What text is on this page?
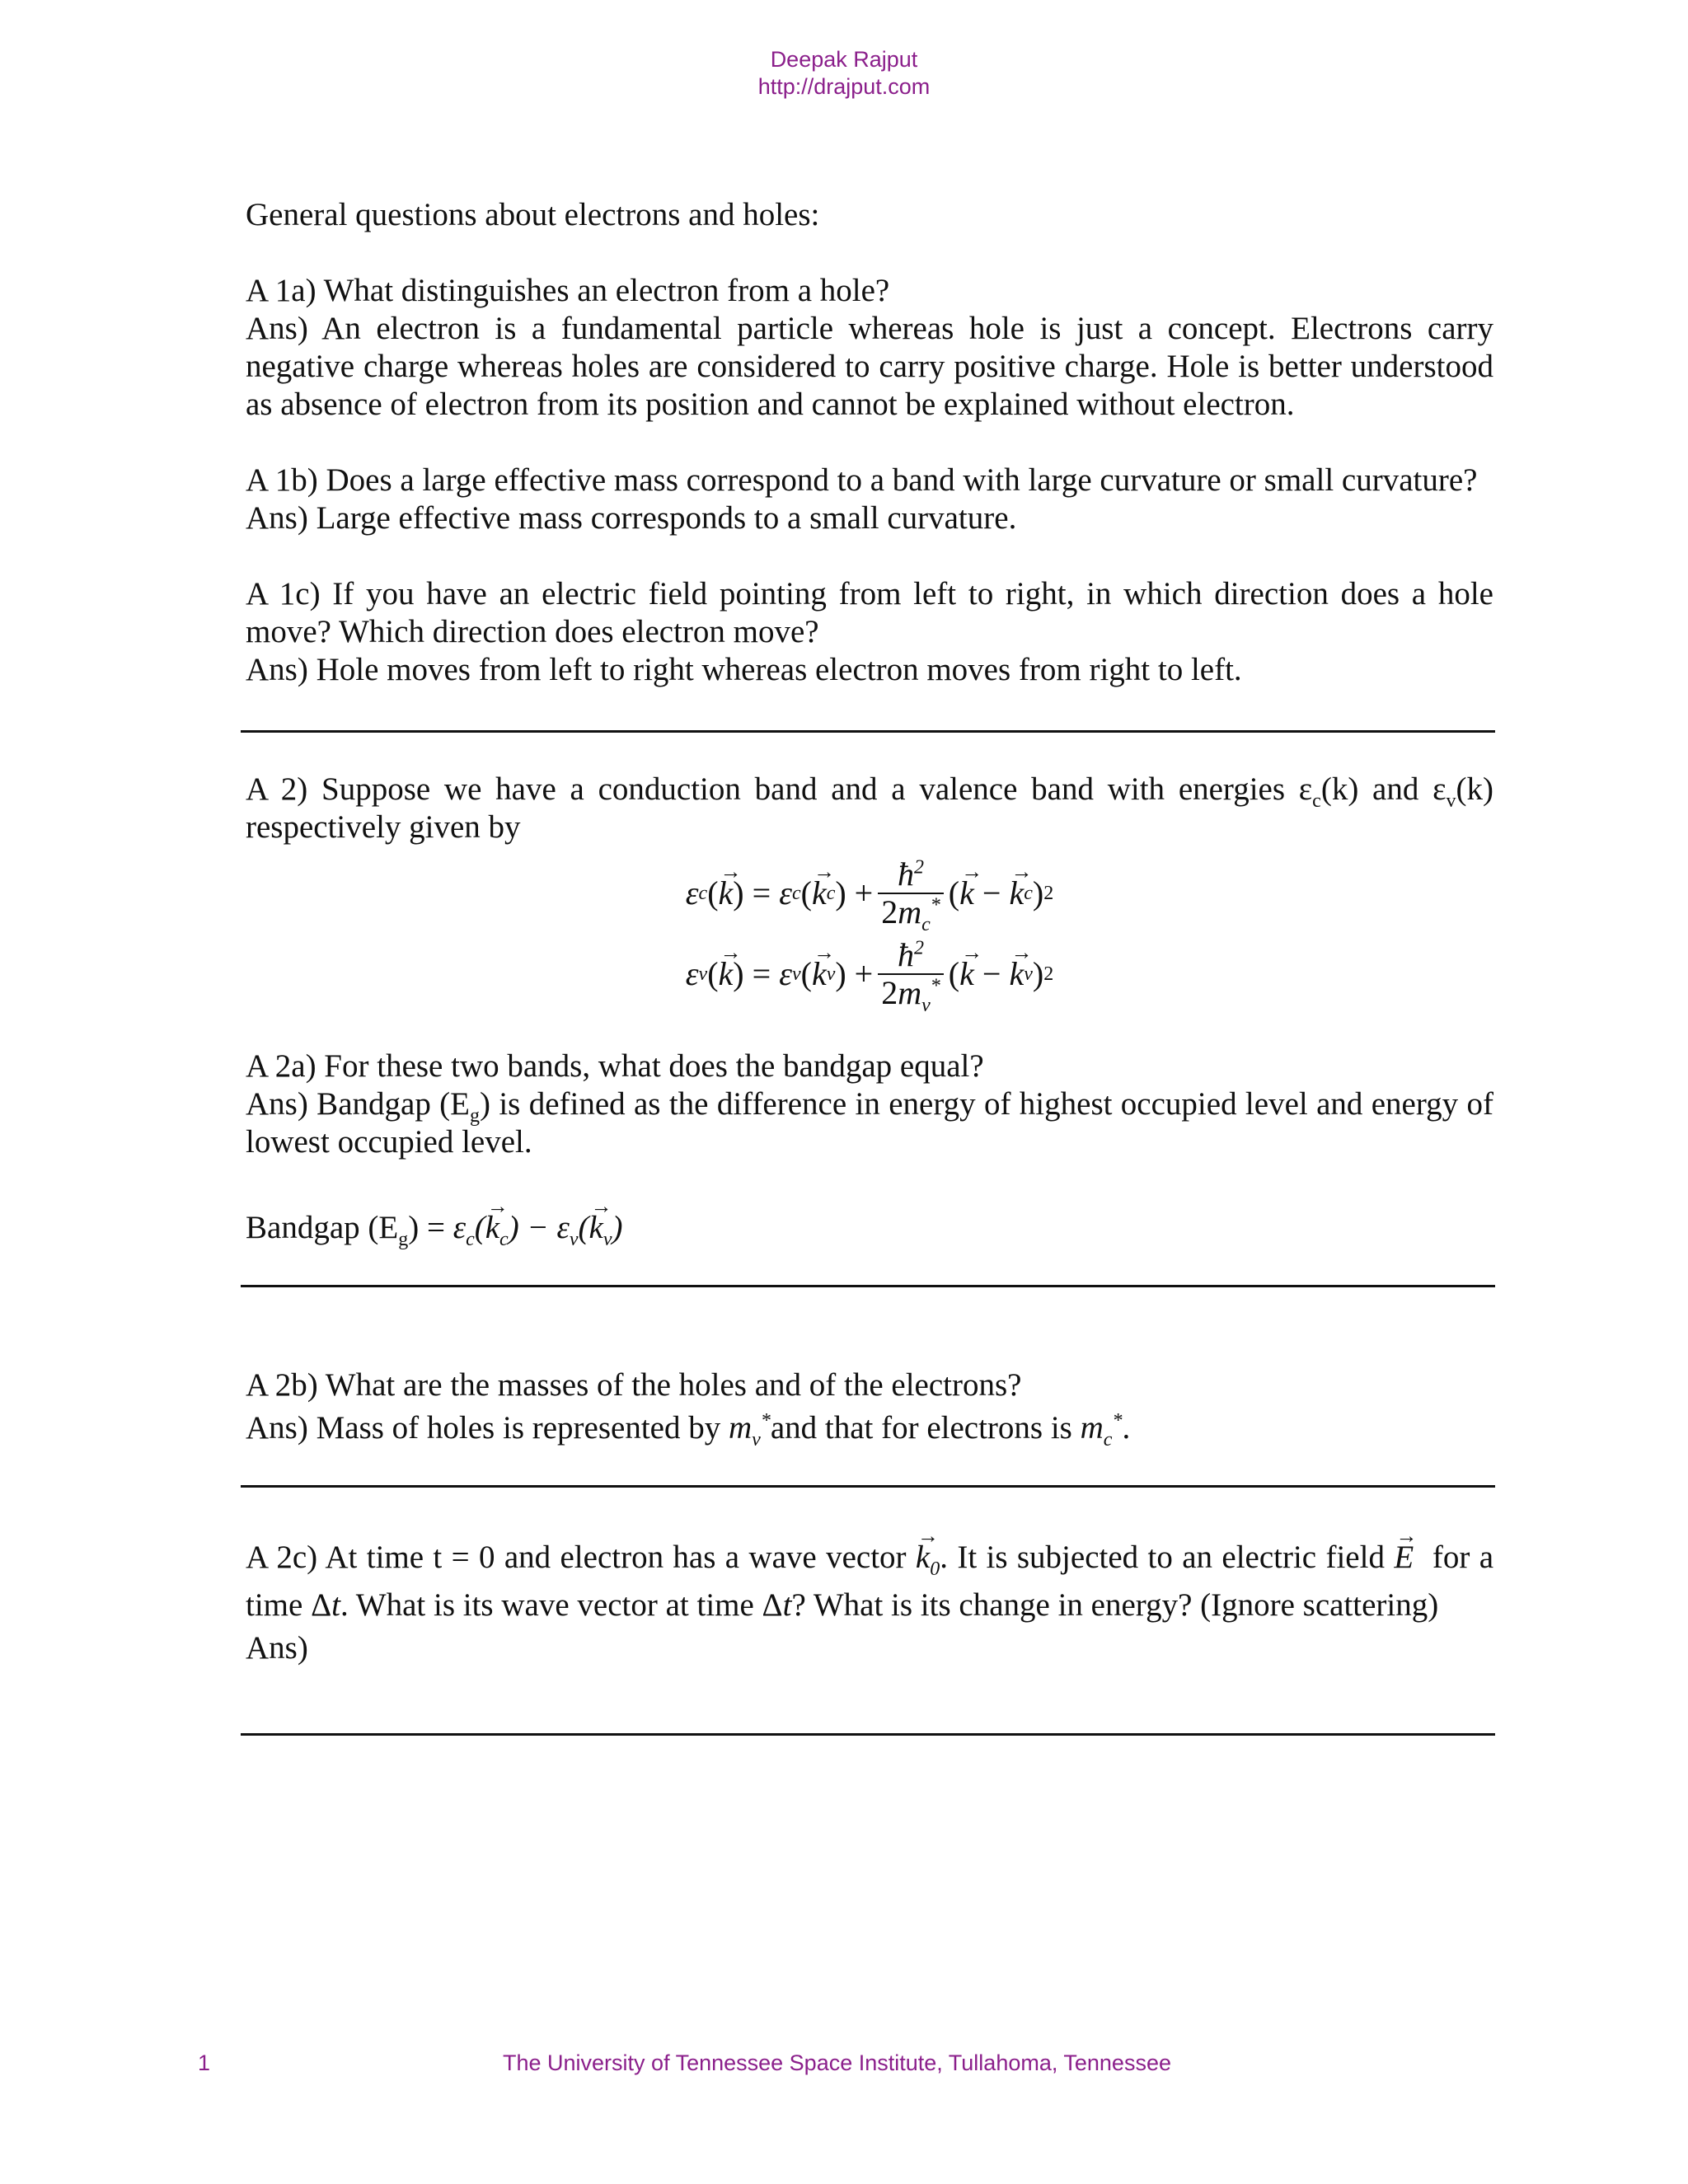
Deepak Rajput
http://drajput.com

General questions about electrons and holes:

A 1a) What distinguishes an electron from a hole?

Ans) An electron is a fundamental particle whereas hole is just a concept. Electrons carry negative charge whereas holes are considered to carry positive charge. Hole is better understood as absence of electron from its position and cannot be explained without electron.

A 1b) Does a large effective mass correspond to a band with large curvature or small curvature?

Ans) Large effective mass corresponds to a small curvature.

A 1c) If you have an electric field pointing from left to right, in which direction does a hole move? Which direction does electron move?

Ans) Hole moves from left to right whereas electron moves from right to left.

A 2) Suppose we have a conduction band and a valence band with energies $\varepsilon_c(k)$ and $\varepsilon_v(k)$ respectively given by

ε c ( → k ) = ε c ( → k c ) + $\frac{ħ^2}{2m_c^*}$ ( → k − → k c ) 2

ε v ( → k ) = ε v ( → k v ) + $\frac{ħ^2}{2m_v^*}$ ( → k − → k v ) 2

A 2a) For these two bands, what does the bandgap equal?

Ans) Bandgap $(E_g)$ is defined as the difference in energy of highest occupied level and energy of lowest occupied level.

Bandgap $(E_g) = \varepsilon_c(\to k_c) - \varepsilon_v(\to k_v)$

A 2b) What are the masses of the holes and of the electrons?

Ans) Mass of holes is represented by $m_v^*and$ that for electrons is $m_c^*$.

A 2c) At time t = 0 and electron has a wave vector → $k_0$. It is subjected to an electric field → E for a time Δt. What is its wave vector at time Δt? What is its change in energy? (Ignore scattering)

Ans)

1	The University of Tennessee Space Institute, Tullahoma, Tennessee
